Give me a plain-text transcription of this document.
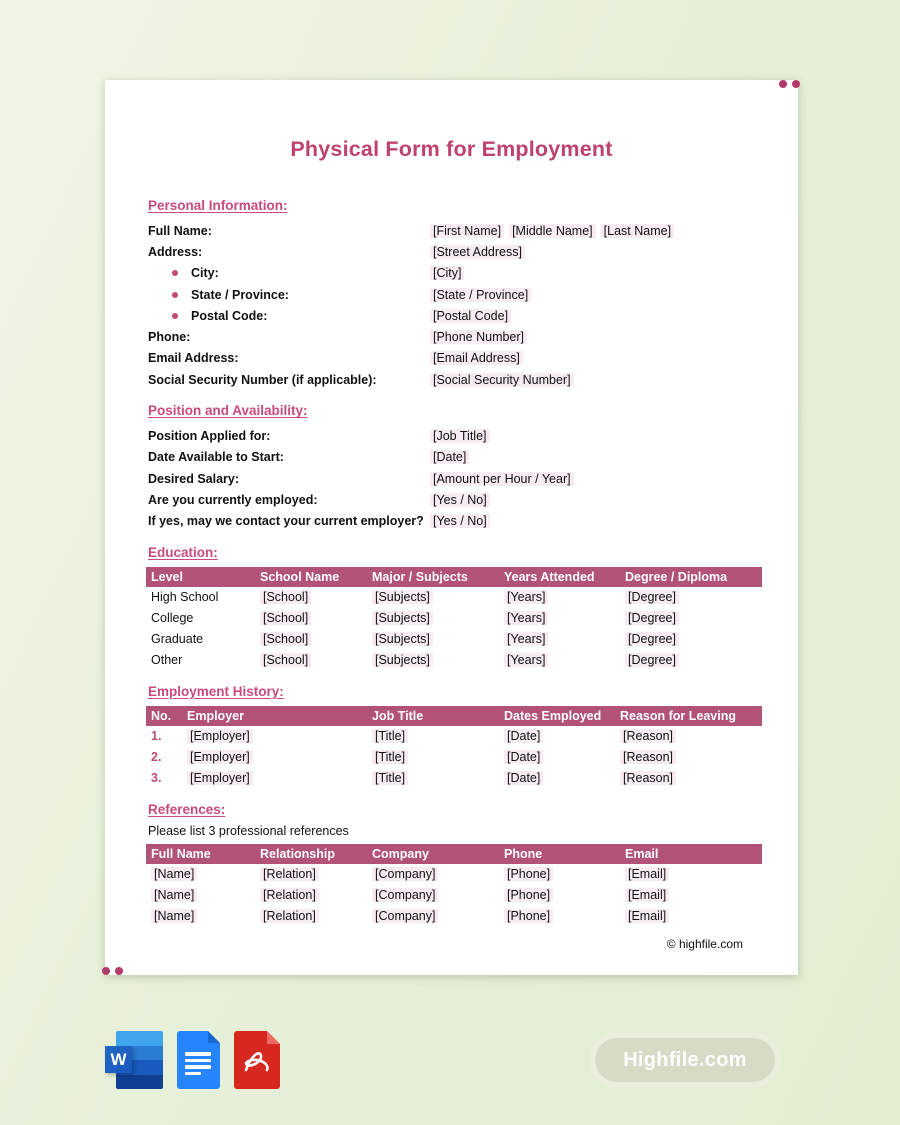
Physical Form for Employment
Personal Information:
Full Name:	[First Name] [Middle Name] [Last Name]
Address:	[Street Address]
City:	[City]
State / Province:	[State / Province]
Postal Code:	[Postal Code]
Phone:	[Phone Number]
Email Address:	[Email Address]
Social Security Number (if applicable):	[Social Security Number]
Position and Availability:
Position Applied for:	[Job Title]
Date Available to Start:	[Date]
Desired Salary:	[Amount per Hour / Year]
Are you currently employed:	[Yes / No]
If yes, may we contact your current employer? [Yes / No]
Education:
Level	School Name	Major / Subjects	Years Attended	Degree / Diploma
High School	[School]	[Subjects]	[Years]	[Degree]
College	[School]	[Subjects]	[Years]	[Degree]
Graduate	[School]	[Subjects]	[Years]	[Degree]
Other	[School]	[Subjects]	[Years]	[Degree]
Employment History:
No.	Employer	Job Title	Dates Employed	Reason for Leaving
1.	[Employer]	[Title]	[Date]	[Reason]
2.	[Employer]	[Title]	[Date]	[Reason]
3.	[Employer]	[Title]	[Date]	[Reason]
References:
Please list 3 professional references
Full Name	Relationship	Company	Phone	Email
[Name]	[Relation]	[Company]	[Phone]	[Email]
[Name]	[Relation]	[Company]	[Phone]	[Email]
[Name]	[Relation]	[Company]	[Phone]	[Email]
© highfile.com
W	Highfile.com
